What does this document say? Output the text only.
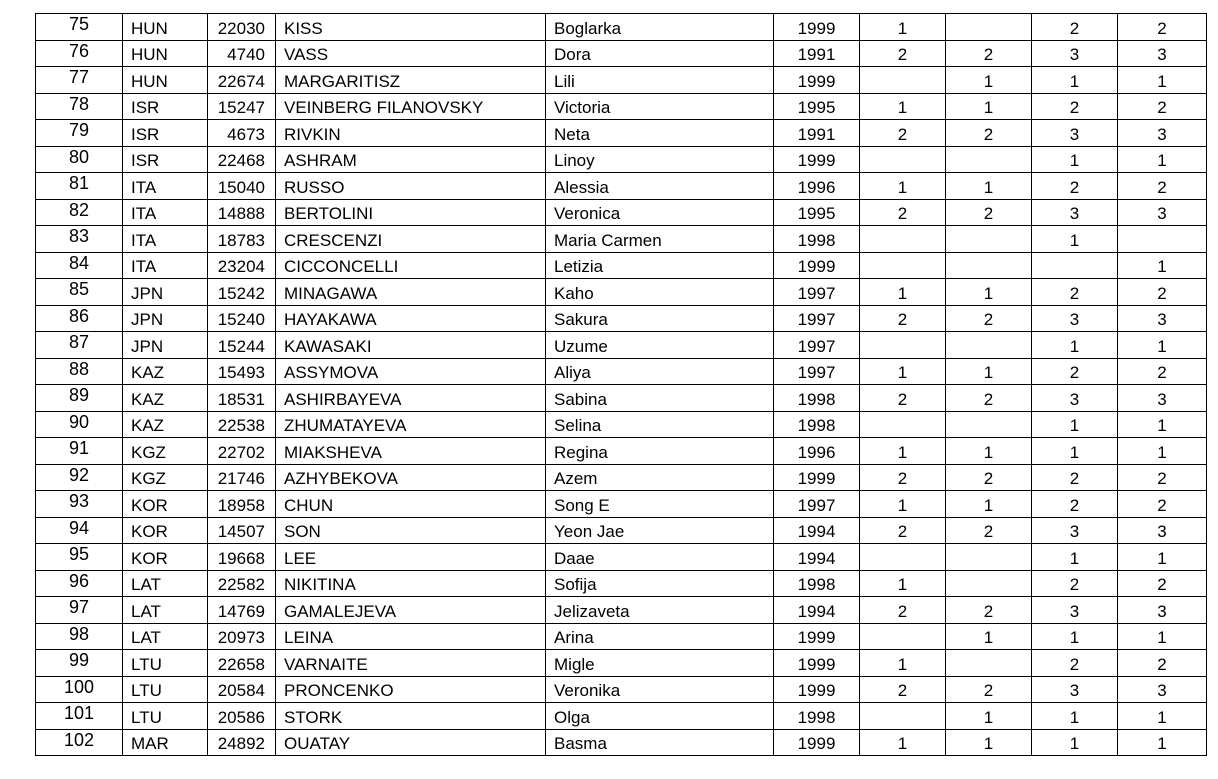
75	HUN	22030	KISS	Boglarka	1999	1		2	2
76	HUN	4740	VASS	Dora	1991	2	2	3	3
77	HUN	22674	MARGARITISZ	Lili	1999		1	1	1
78	ISR	15247	VEINBERG FILANOVSKY	Victoria	1995	1	1	2	2
79	ISR	4673	RIVKIN	Neta	1991	2	2	3	3
80	ISR	22468	ASHRAM	Linoy	1999			1	1
81	ITA	15040	RUSSO	Alessia	1996	1	1	2	2
82	ITA	14888	BERTOLINI	Veronica	1995	2	2	3	3
83	ITA	18783	CRESCENZI	Maria Carmen	1998			1	
84	ITA	23204	CICCONCELLI	Letizia	1999				1
85	JPN	15242	MINAGAWA	Kaho	1997	1	1	2	2
86	JPN	15240	HAYAKAWA	Sakura	1997	2	2	3	3
87	JPN	15244	KAWASAKI	Uzume	1997			1	1
88	KAZ	15493	ASSYMOVA	Aliya	1997	1	1	2	2
89	KAZ	18531	ASHIRBAYEVA	Sabina	1998	2	2	3	3
90	KAZ	22538	ZHUMATAYEVA	Selina	1998			1	1
91	KGZ	22702	MIAKSHEVA	Regina	1996	1	1	1	1
92	KGZ	21746	AZHYBEKOVA	Azem	1999	2	2	2	2
93	KOR	18958	CHUN	Song E	1997	1	1	2	2
94	KOR	14507	SON	Yeon Jae	1994	2	2	3	3
95	KOR	19668	LEE	Daae	1994			1	1
96	LAT	22582	NIKITINA	Sofija	1998	1		2	2
97	LAT	14769	GAMALEJEVA	Jelizaveta	1994	2	2	3	3
98	LAT	20973	LEINA	Arina	1999		1	1	1
99	LTU	22658	VARNAITE	Migle	1999	1		2	2
100	LTU	20584	PRONCENKO	Veronika	1999	2	2	3	3
101	LTU	20586	STORK	Olga	1998		1	1	1
102	MAR	24892	OUATAY	Basma	1999	1	1	1	1
